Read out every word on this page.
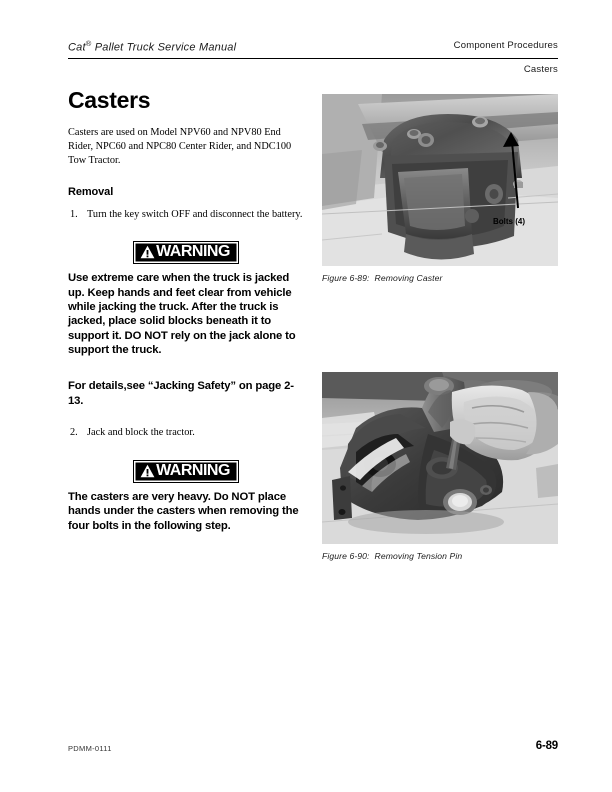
Cat® Pallet Truck Service Manual	Component Procedures
Casters
Casters

Casters are used on Model NPV60 and NPV80 End Rider, NPC60 and NPC80 Center Rider, and NDC100 Tow Tractor.

Removal
1. Turn the key switch OFF and disconnect the battery.
WARNING

Use extreme care when the truck is jacked up. Keep hands and feet clear from vehicle while jacking the truck. After the truck is jacked, place solid blocks beneath it to support it. DO NOT rely on the jack alone to support the truck.

For details,see “Jacking Safety” on page 2-13.

2. Jack and block the tractor.
WARNING

The casters are very heavy. Do NOT place hands under the casters when removing the four bolts in the following step.

Bolts (4)
Figure 6-89: Removing Caster
Figure 6-90: Removing Tension Pin
PDMM-0111	6-89
